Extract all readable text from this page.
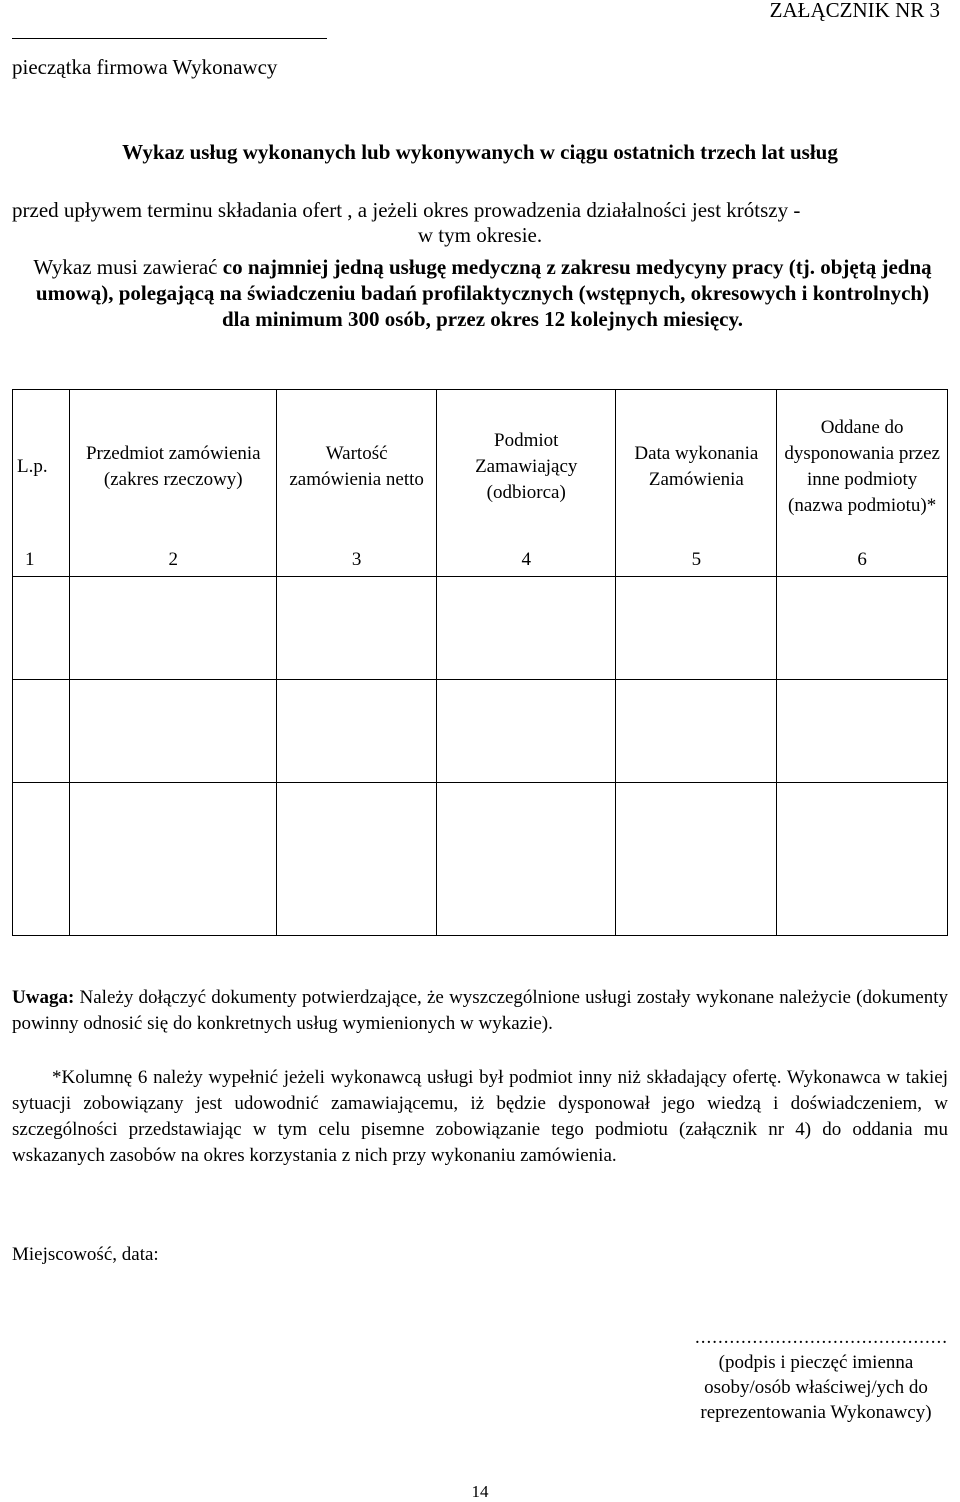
ZAŁĄCZNIK NR 3
pieczątka firmowa Wykonawcy
Wykaz usług wykonanych lub wykonywanych w ciągu ostatnich trzech lat usług
przed upływem terminu składania ofert , a jeżeli okres prowadzenia działalności jest krótszy -
w tym okresie.
Wykaz musi zawierać co najmniej jedną usługę medyczną z zakresu medycyny pracy (tj. objętą jedną umową), polegającą na świadczeniu badań profilaktycznych (wstępnych, okresowych i kontrolnych) dla minimum 300 osób, przez okres 12 kolejnych miesięcy.
L.p.	Przedmiot zamówienia (zakres rzeczowy)	Wartość zamówienia netto	Podmiot Zamawiający (odbiorca)	Data wykonania Zamówienia	Oddane do dysponowania przez inne podmioty (nazwa podmiotu)*
1	2	3	4	5	6

Uwaga: Należy dołączyć dokumenty potwierdzające, że wyszczególnione usługi zostały wykonane należycie (dokumenty powinny odnosić się do konkretnych usług wymienionych w wykazie).
*Kolumnę 6 należy wypełnić jeżeli wykonawcą usługi był podmiot inny niż składający ofertę. Wykonawca w takiej sytuacji zobowiązany jest udowodnić zamawiającemu, iż będzie dysponował jego wiedzą i doświadczeniem, w szczególności przedstawiając w tym celu pisemne zobowiązanie tego podmiotu (załącznik nr 4) do oddania mu wskazanych zasobów na okres korzystania z nich przy wykonaniu zamówienia.
Miejscowość, data:
............................................
(podpis i pieczęć imienna osoby/osób właściwej/ych do reprezentowania Wykonawcy)
14
